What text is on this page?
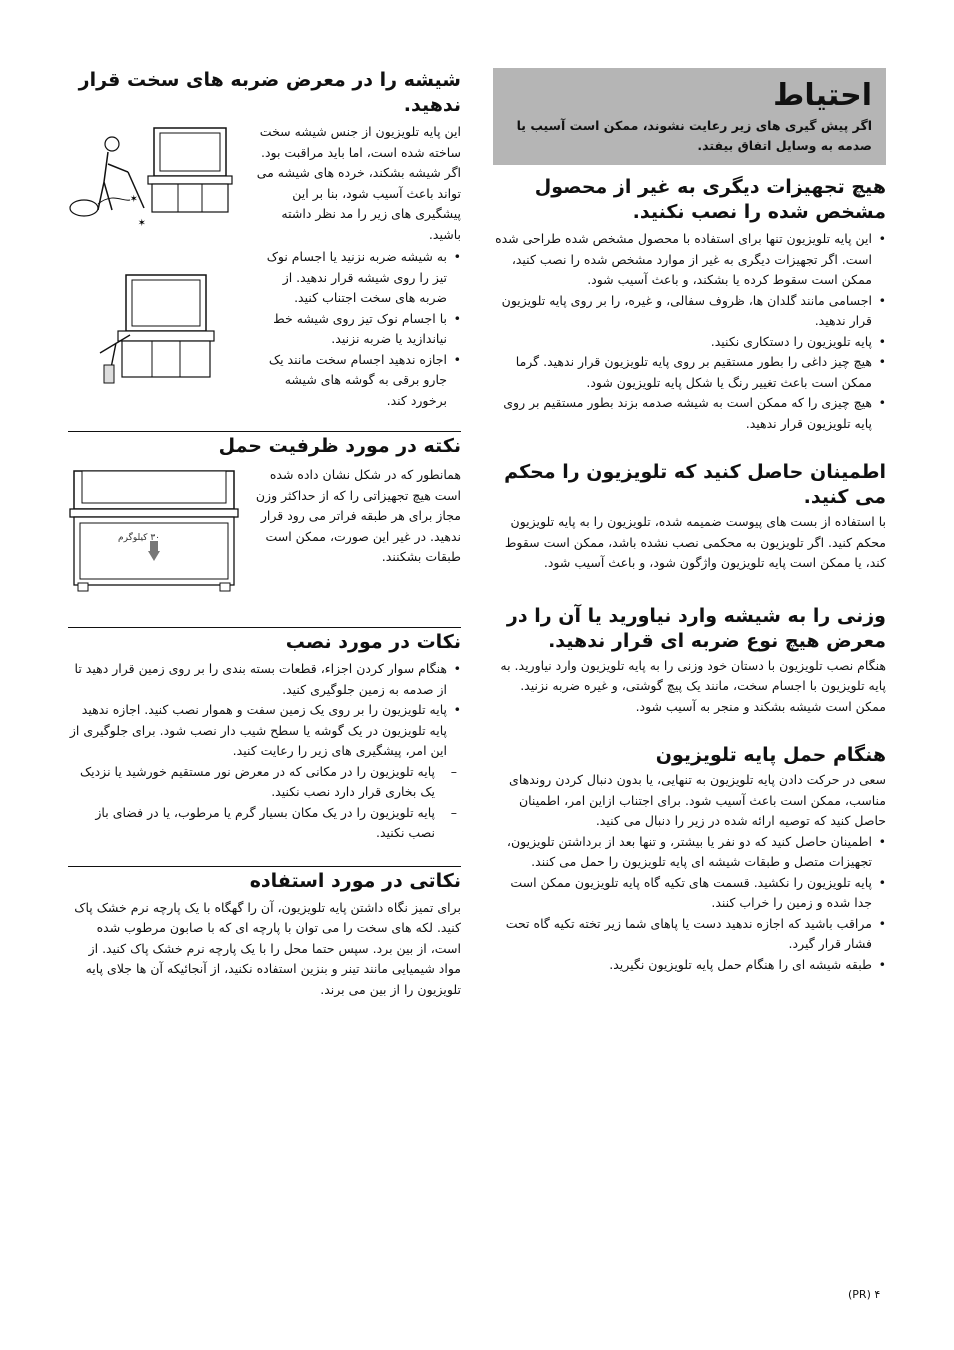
احتیاط
اگر پیش گیری های زیر رعایت نشوند، ممکن است آسیب یا صدمه به وسایل اتفاق بیفتد.
هیچ تجهیزات دیگری به غیر از محصول مشخص شده را نصب نکنید.
• این پایه تلویزیون تنها برای استفاده با محصول مشخص شده طراحی شده است. اگر تجهیزات دیگری به غیر از موارد مشخص شده را نصب کنید، ممکن است سقوط کرده یا بشکند، و باعث آسیب شود.
• اجسامی مانند گلدان ها، ظروف سفالی، و غیره، را بر روی پایه تلویزیون قرار ندهید.
• پایه تلویزیون را دستکاری نکنید.
• هیچ چیز داغی را بطور مستقیم بر روی پایه تلویزیون قرار ندهید. گرما ممکن است باعث تغییر رنگ یا شکل پایه تلویزیون شود.
• هیچ چیزی را که ممکن است به شیشه صدمه بزند بطور مستقیم بر روی پایه تلویزیون قرار ندهید.
اطمینان حاصل کنید که تلویزیون را محکم می کنید.

با استفاده از بست های پیوست ضمیمه شده، تلویزیون را به پایه تلویزیون محکم کنید. اگر تلویزیون به محکمی نصب نشده باشد، ممکن است سقوط کند، یا ممکن است پایه تلویزیون واژگون شود، و باعث آسیب شود.

وزنی را به شیشه وارد نیاورید یا آن را در معرض هیچ نوع ضربه ای قرار ندهید.

هنگام نصب تلویزیون با دستان خود وزنی را به پایه تلویزیون وارد نیاورید. به پایه تلویزیون با اجسام سخت، مانند یک پیچ گوشتی، و غیره ضربه نزنید. ممکن است شیشه بشکند و منجر به آسیب شود.

هنگام حمل پایه تلویزیون

سعی در حرکت دادن پایه تلویزیون به تنهایی، یا بدون دنبال کردن روندهای مناسب، ممکن است باعث آسیب شود. برای اجتناب ازاین امر، اطمینان حاصل کنید که توصیه ارائه شده در زیر را دنبال می کنید.

• اطمینان حاصل کنید که دو نفر یا بیشتر، و تنها بعد از برداشتن تلویزیون، تجهیزات متصل و طبقات شیشه ای پایه تلویزیون را حمل می کنند.
• پایه تلویزیون را نکشید. قسمت های تکیه گاه پایه تلویزیون ممکن است جدا شده و زمین را خراب کنند.
• مراقب باشید که اجازه ندهید دست یا پاهای شما زیر تخته تکیه گاه تحت فشار قرار گیرد.
• طبقه شیشه ای را هنگام حمل پایه تلویزیون نگیرید.
شیشه را در معرض ضربه های سخت قرار ندهید.

این پایه تلویزیون از جنس شیشه سخت ساخته شده است، اما باید مراقبت بود. اگر شیشه بشکند، خرده های شیشه می تواند باعث آسیب شود، بنا بر این پیشگیری های زیر را مد نظر داشته باشید.

• به شیشه ضربه نزنید یا اجسام نوک تیز را روی شیشه قرار ندهید. از ضربه های سخت اجتناب کنید.
• با اجسام نوک تیز روی شیشه خط نیاندازید یا ضربه نزنید.
• اجازه ندهید اجسام سخت مانند یک جارو برقی به گوشه های شیشه برخورد کند.
✶
✶
نکته در مورد ظرفیت حمل

همانطور که در شکل نشان داده شده است هیچ تجهیزاتی را که از حداکثر وزن مجاز برای هر طبقه فراتر می رود قرار ندهید. در غیر این صورت، ممکن است طبقات بشکنند.

۳۰ کیلوگرم
نکات در مورد نصب
• هنگام سوار کردن اجزاء، قطعات بسته بندی را بر روی زمین قرار دهید تا از صدمه به زمین جلوگیری کنید.
• پایه تلویزیون را بر روی یک زمین سفت و هموار نصب کنید. اجازه ندهید پایه تلویزیون در یک گوشه یا سطح شیب دار نصب شود. برای جلوگیری از این امر، پیشگیری های زیر را رعایت کنید.
– پایه تلویزیون را در مکانی که در معرض نور مستقیم خورشید یا نزدیک یک بخاری قرار دارد نصب نکنید.
– پایه تلویزیون را در یک مکان بسیار گرم یا مرطوب، یا در فضای باز نصب نکنید.
نکاتی در مورد استفاده

برای تمیز نگاه داشتن پایه تلویزیون، آن را گهگاه با یک پارچه نرم خشک پاک کنید. لکه های سخت را می توان با پارچه ای که با صابون مرطوب شده است، از بین برد. سپس حتما محل را با یک پارچه نرم خشک پاک کنید. از مواد شیمیایی مانند تینر و بنزین استفاده نکنید، از آنجائیکه آن ها جلای پایه تلویزیون را از بین می برند.

(PR) ۴
